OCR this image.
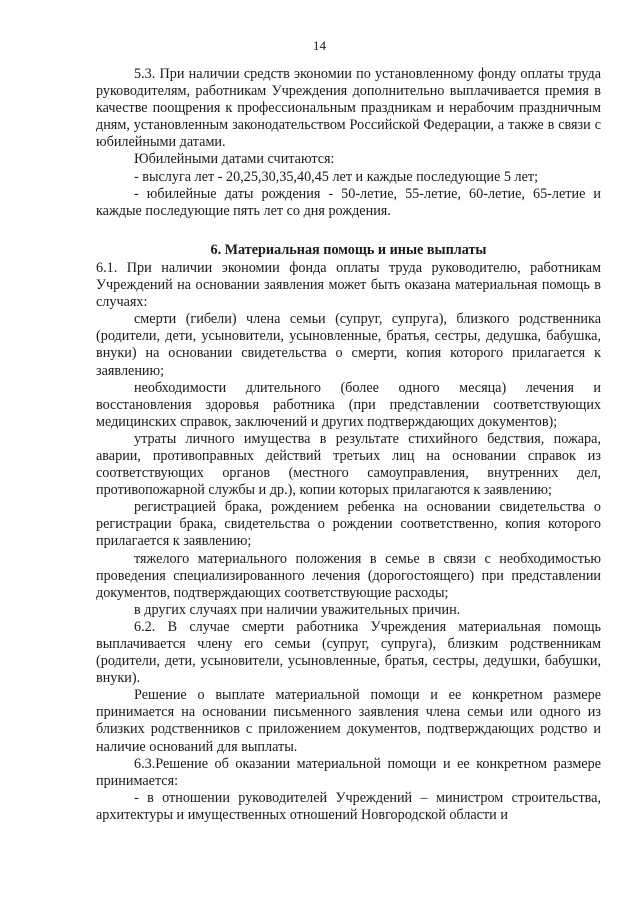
14

5.3. При наличии средств экономии по установленному фонду оплаты труда руководителям, работникам Учреждения дополнительно выплачивается премия в качестве поощрения к профессиональным праздникам и нерабочим праздничным дням, установленным законодательством Российской Федерации, а также в связи с юбилейными датами.

Юбилейными датами считаются:

- выслуга лет - 20,25,30,35,40,45 лет и каждые последующие 5 лет;

- юбилейные даты рождения - 50-летие, 55-летие, 60-летие, 65-летие и каждые последующие пять лет со дня рождения.

6. Материальная помощь и иные выплаты

6.1. При наличии экономии фонда оплаты труда руководителю, работникам Учреждений на основании заявления может быть оказана материальная помощь в случаях:

смерти (гибели) члена семьи (супруг, супруга), близкого родственника (родители, дети, усыновители, усыновленные, братья, сестры, дедушка, бабушка, внуки) на основании свидетельства о смерти, копия которого прилагается к заявлению;

необходимости длительного (более одного месяца) лечения и восстановления здоровья работника (при представлении соответствующих медицинских справок, заключений и других подтверждающих документов);

утраты личного имущества в результате стихийного бедствия, пожара, аварии, противоправных действий третьих лиц на основании справок из соответствующих органов (местного самоуправления, внутренних дел, противопожарной службы и др.), копии которых прилагаются к заявлению;

регистрацией брака, рождением ребенка на основании свидетельства о регистрации брака, свидетельства о рождении соответственно, копия которого прилагается к заявлению;

тяжелого материального положения в семье в связи с необходимостью проведения специализированного лечения (дорогостоящего) при представлении документов, подтверждающих соответствующие расходы;

в других случаях при наличии уважительных причин.

6.2. В случае смерти работника Учреждения материальная помощь выплачивается члену его семьи (супруг, супруга), близким родственникам (родители, дети, усыновители, усыновленные, братья, сестры, дедушки, бабушки, внуки).

Решение о выплате материальной помощи и ее конкретном размере принимается на основании письменного заявления члена семьи или одного из близких родственников с приложением документов, подтверждающих родство и наличие оснований для выплаты.

6.3.Решение об оказании материальной помощи и ее конкретном размере принимается:

- в отношении руководителей Учреждений – министром строительства, архитектуры и имущественных отношений Новгородской области и
